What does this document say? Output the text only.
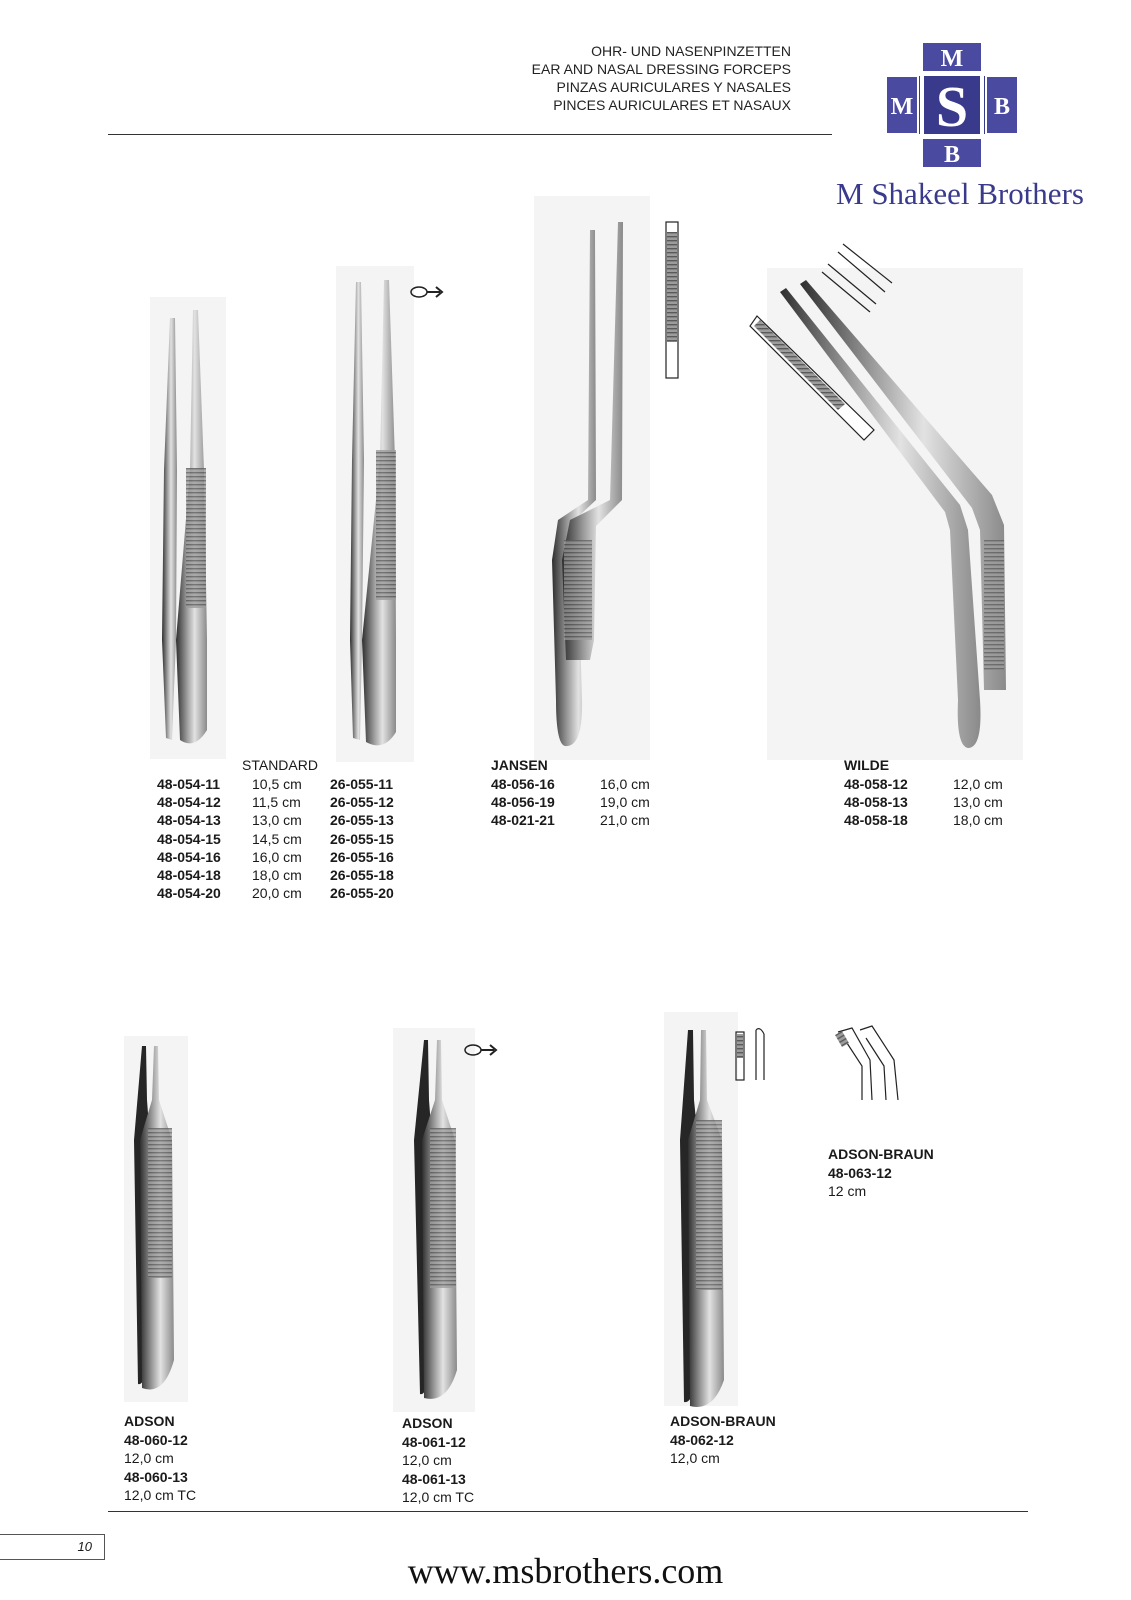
OHR- UND NASENPINZETTEN
EAR AND NASAL DRESSING FORCEPS
PINZAS AURICULARES Y NASALES
PINCES AURICULARES ET NASAUX
M
M S B
B
M Shakeel Brothers
STANDARD
48-054-11 10,5 cm 26-055-11
48-054-12 11,5 cm 26-055-12
48-054-13 13,0 cm 26-055-13
48-054-15 14,5 cm 26-055-15
48-054-16 16,0 cm 26-055-16
48-054-18 18,0 cm 26-055-18
48-054-20 20,0 cm 26-055-20
JANSEN
48-056-16	16,0 cm
48-056-19	19,0 cm
48-021-21	21,0 cm
WILDE
48-058-12	12,0 cm
48-058-13	13,0 cm
48-058-18	18,0 cm
ADSON
48-060-12
12,0 cm
48-060-13
12,0 cm TC
ADSON
48-061-12
12,0 cm
48-061-13
12,0 cm TC
ADSON-BRAUN
48-062-12
12,0 cm
ADSON-BRAUN
48-063-12
12 cm
10
www.msbrothers.com
